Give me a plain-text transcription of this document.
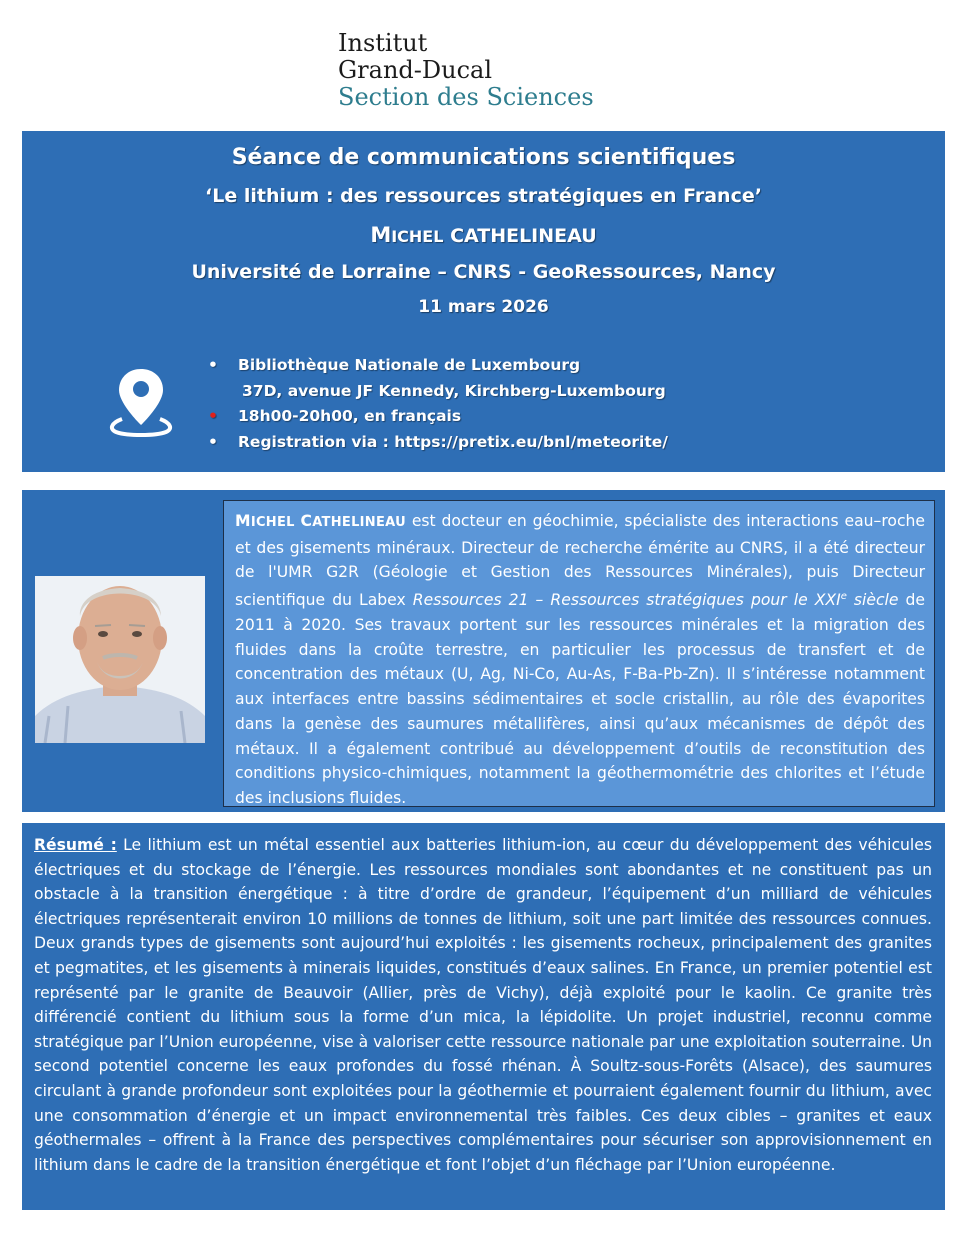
Institut
Grand-Ducal
Section des Sciences
Séance de communications scientifiques
‘Le lithium : des ressources stratégiques en France’
MICHEL CATHELINEAU
Université de Lorraine – CNRS - GeoRessources, Nancy
11 mars 2026
• Bibliothèque Nationale de Luxembourg
37D, avenue JF Kennedy, Kirchberg-Luxembourg
• 18h00-20h00, en français
• Registration via : https://pretix.eu/bnl/meteorite/
MICHEL CATHELINEAU est docteur en géochimie, spécialiste des interactions eau–roche et des gisements minéraux. Directeur de recherche émérite au CNRS, il a été directeur de l'UMR G2R (Géologie et Gestion des Ressources Minérales), puis Directeur scientifique du Labex Ressources 21 – Ressources stratégiques pour le XXIe siècle de 2011 à 2020. Ses travaux portent sur les ressources minérales et la migration des fluides dans la croûte terrestre, en particulier les processus de transfert et de concentration des métaux (U, Ag, Ni-Co, Au-As, F-Ba-Pb-Zn). Il s’intéresse notamment aux interfaces entre bassins sédimentaires et socle cristallin, au rôle des évaporites dans la genèse des saumures métallifères, ainsi qu’aux mécanismes de dépôt des métaux. Il a également contribué au développement d’outils de reconstitution des conditions physico-chimiques, notamment la géothermométrie des chlorites et l’étude des inclusions fluides.
Résumé : Le lithium est un métal essentiel aux batteries lithium-ion, au cœur du développement des véhicules électriques et du stockage de l’énergie. Les ressources mondiales sont abondantes et ne constituent pas un obstacle à la transition énergétique : à titre d’ordre de grandeur, l’équipement d’un milliard de véhicules électriques représenterait environ 10 millions de tonnes de lithium, soit une part limitée des ressources connues. Deux grands types de gisements sont aujourd’hui exploités : les gisements rocheux, principalement des granites et pegmatites, et les gisements à minerais liquides, constitués d’eaux salines. En France, un premier potentiel est représenté par le granite de Beauvoir (Allier, près de Vichy), déjà exploité pour le kaolin. Ce granite très différencié contient du lithium sous la forme d’un mica, la lépidolite. Un projet industriel, reconnu comme stratégique par l’Union européenne, vise à valoriser cette ressource nationale par une exploitation souterraine. Un second potentiel concerne les eaux profondes du fossé rhénan. À Soultz-sous-Forêts (Alsace), des saumures circulant à grande profondeur sont exploitées pour la géothermie et pourraient également fournir du lithium, avec une consommation d’énergie et un impact environnemental très faibles. Ces deux cibles – granites et eaux géothermales – offrent à la France des perspectives complémentaires pour sécuriser son approvisionnement en lithium dans le cadre de la transition énergétique et font l’objet d’un fléchage par l’Union européenne.
